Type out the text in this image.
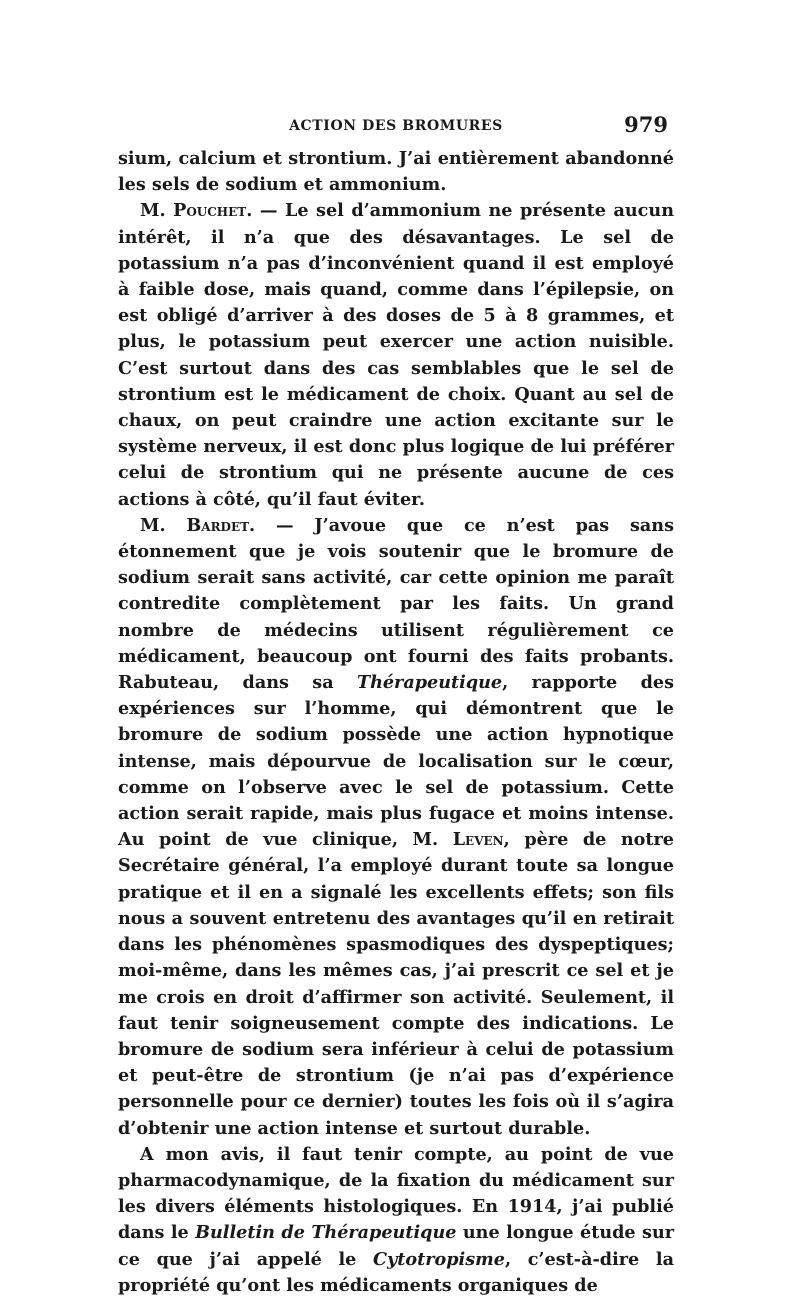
ACTION DES BROMURES	979

sium, calcium et strontium. J’ai entièrement abandonné les sels de sodium et ammonium.

M. Pouchet. — Le sel d’ammonium ne présente aucun intérêt, il n’a que des désavantages. Le sel de potassium n’a pas d’inconvénient quand il est employé à faible dose, mais quand, comme dans l’épilepsie, on est obligé d’arriver à des doses de 5 à 8 grammes, et plus, le potassium peut exercer une action nuisible. C’est surtout dans des cas semblables que le sel de strontium est le médicament de choix. Quant au sel de chaux, on peut craindre une action excitante sur le système nerveux, il est donc plus logique de lui préférer celui de strontium qui ne présente aucune de ces actions à côté, qu’il faut éviter.

M. Bardet. — J’avoue que ce n’est pas sans étonnement que je vois soutenir que le bromure de sodium serait sans activité, car cette opinion me paraît contredite complètement par les faits. Un grand nombre de médecins utilisent régulièrement ce médicament, beaucoup ont fourni des faits probants. Rabuteau, dans sa Thérapeutique, rapporte des expériences sur l’homme, qui démontrent que le bromure de sodium possède une action hypnotique intense, mais dépourvue de localisation sur le cœur, comme on l’observe avec le sel de potassium. Cette action serait rapide, mais plus fugace et moins intense. Au point de vue clinique, M. Leven, père de notre Secrétaire général, l’a employé durant toute sa longue pratique et il en a signalé les excellents effets; son fils nous a souvent entretenu des avantages qu’il en retirait dans les phénomènes spasmodiques des dyspeptiques; moi-même, dans les mêmes cas, j’ai prescrit ce sel et je me crois en droit d’affirmer son activité. Seulement, il faut tenir soigneusement compte des indications. Le bromure de sodium sera inférieur à celui de potassium et peut-être de strontium (je n’ai pas d’expérience personnelle pour ce dernier) toutes les fois où il s’agira d’obtenir une action intense et surtout durable.

A mon avis, il faut tenir compte, au point de vue pharmacodynamique, de la fixation du médicament sur les divers éléments histologiques. En 1914, j’ai publié dans le Bulletin de Thérapeutique une longue étude sur ce que j’ai appelé le Cytotropisme, c’est-à-dire la propriété qu’ont les médicaments organiques de
